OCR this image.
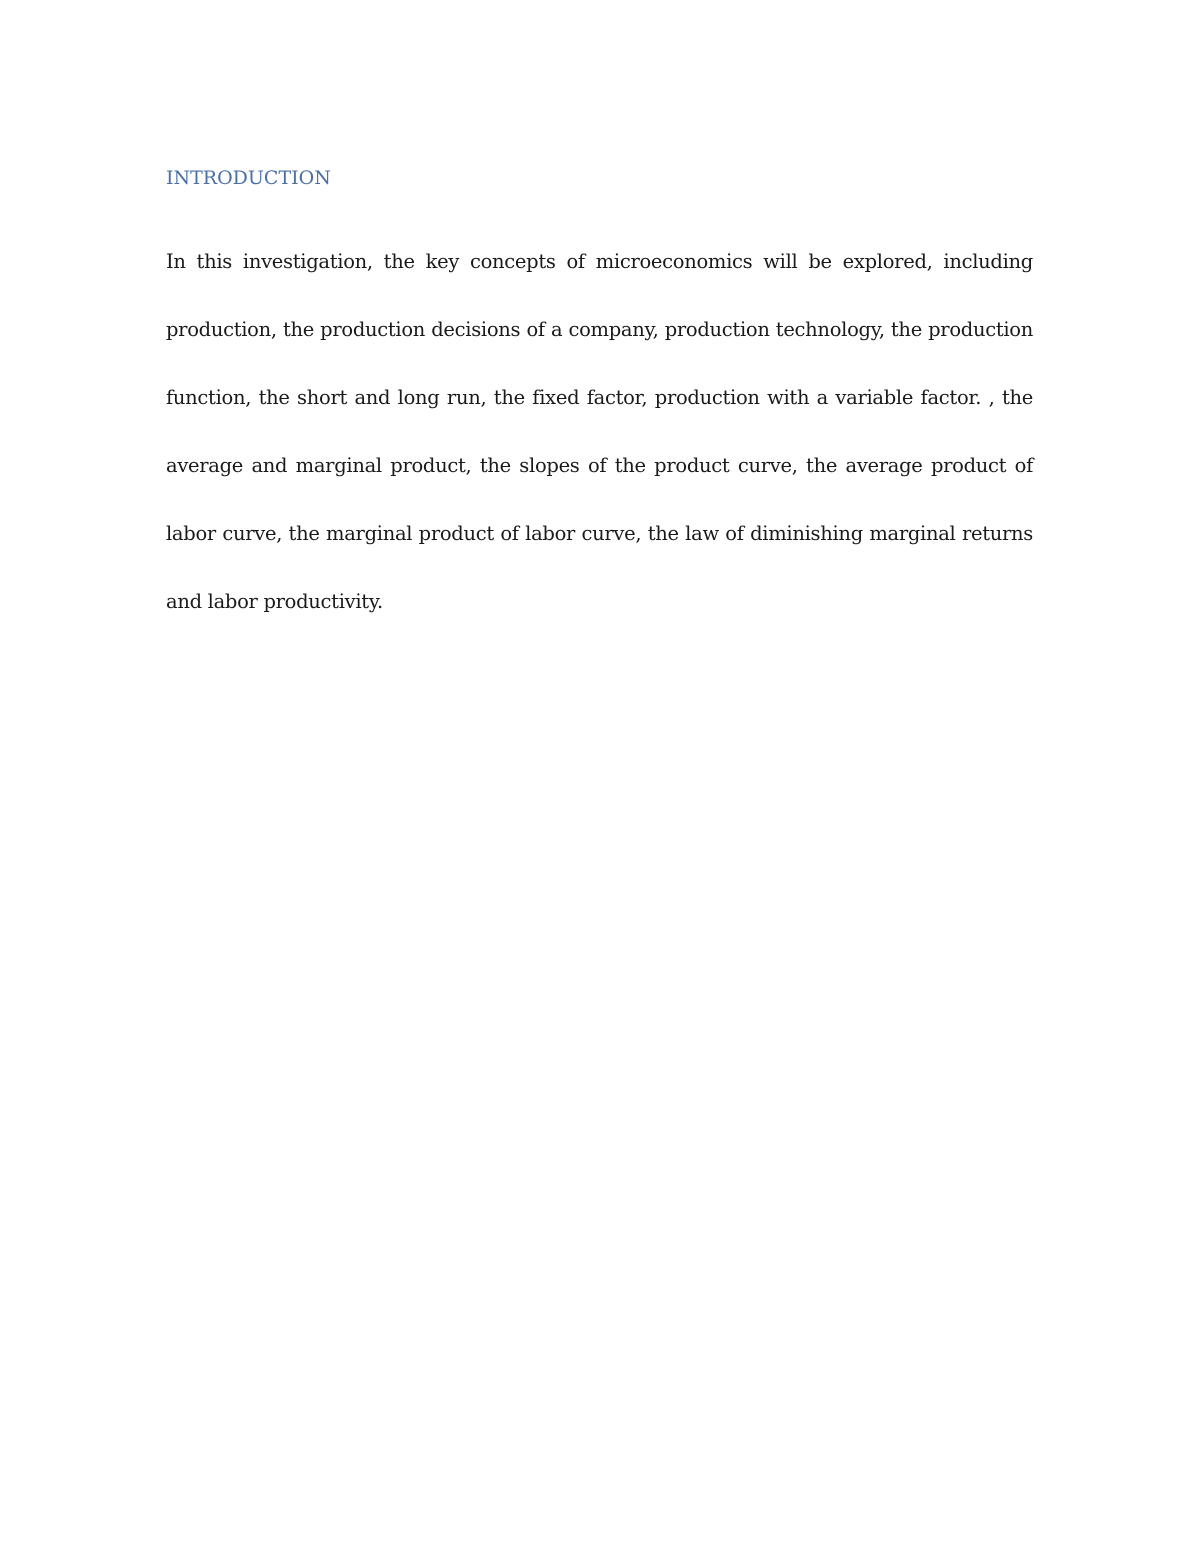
INTRODUCTION

In this investigation, the key concepts of microeconomics will be explored, including production, the production decisions of a company, production technology, the production function, the short and long run, the fixed factor, production with a variable factor. , the average and marginal product, the slopes of the product curve, the average product of labor curve, the marginal product of labor curve, the law of diminishing marginal returns and labor productivity.
